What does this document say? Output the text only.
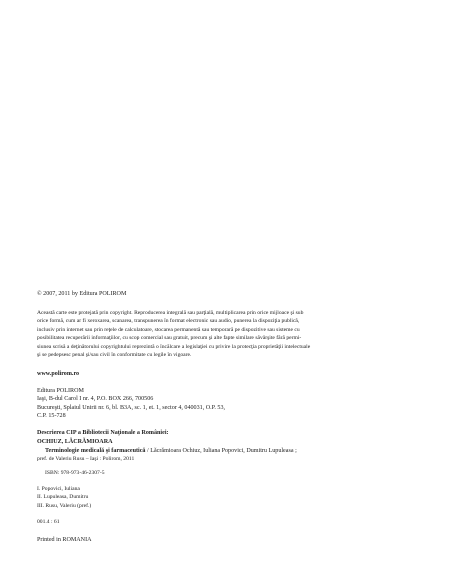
© 2007, 2011 by Editura POLIROM
Această carte este protejată prin copyright. Reproducerea integrală sau parţială, multiplicarea prin orice mijloace şi sub
orice formă, cum ar fi xeroxarea, scanarea, transpunerea în format electronic sau audio, punerea la dispoziţia publică,
inclusiv prin internet sau prin reţele de calculatoare, stocarea permanentă sau temporară pe dispozitive sau sisteme cu
posibilitatea recuperării informaţiilor, cu scop comercial sau gratuit, precum şi alte fapte similare săvârşite fără permi-
siunea scrisă a deţinătorului copyrightului reprezintă o încălcare a legislaţiei cu privire la protecţia proprietăţii intelectuale
şi se pedepsesc penal şi/sau civil în conformitate cu legile în vigoare.
www.polirom.ro
Editura POLIROM
Iaşi, B-dul Carol I nr. 4, P.O. BOX 266, 700506
Bucureşti, Splaiul Unirii nr. 6, bl. B3A, sc. 1, et. 1, sector 4, 040031, O.P. 53,
C.P. 15-728
Descrierea CIP a Bibliotecii Naţionale a României:
OCHIUZ, LĂCRĂMIOARA
Terminologie medicală şi farmaceutică / Lăcrămioara Ochiuz, Iuliana Popovici, Dumitru Lupuleasa ;
pref. de Valeriu Rusu – Iaşi : Polirom, 2011
ISBN: 978-973-46-2307-5
I. Popovici, Iuliana
II. Lupuleasa, Dumitru
III. Rusu, Valeriu (pref.)
001.4 : 61
Printed in ROMANIA
